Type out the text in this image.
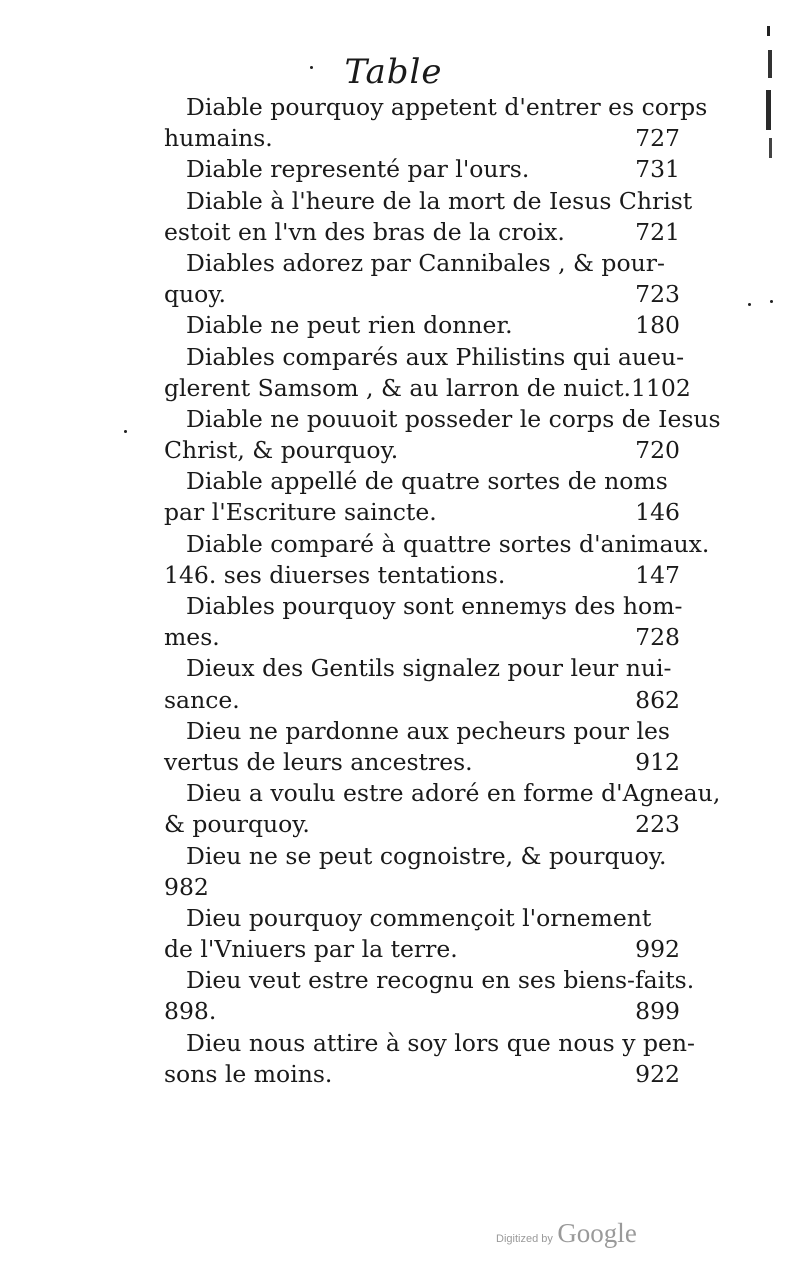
Table
Diable pourquoy appetent d'entrer es corps
humains.	727
Diable representé par l'ours.	731
Diable à l'heure de la mort de Iesus Christ
estoit en l'vn des bras de la croix.	721
Diables adorez par Cannibales , & pour-
quoy.	723
Diable ne peut rien donner.	180
Diables comparés aux Philistins qui aueu-
glerent Samsom , & au larron de nuict. 1102
Diable ne pouuoit posseder le corps de Iesus
Christ, & pourquoy.	720
Diable appellé de quatre sortes de noms
par l'Escriture saincte.	146
Diable comparé à quattre sortes d'animaux.
146. ses diuerses tentations.	147
Diables pourquoy sont ennemys des hom-
mes.	728
Dieux des Gentils signalez pour leur nui-
sance.	862
Dieu ne pardonne aux pecheurs pour les
vertus de leurs ancestres.	912
Dieu a voulu estre adoré en forme d'Agneau,
& pourquoy.	223
Dieu ne se peut cognoistre, & pourquoy.
982
Dieu pourquoy commençoit l'ornement
de l'Vniuers par la terre.	992
Dieu veut estre recognu en ses biens-faits.
898.	899
Dieu nous attire à soy lors que nous y pen-
sons le moins.	922
Digitized by Google
